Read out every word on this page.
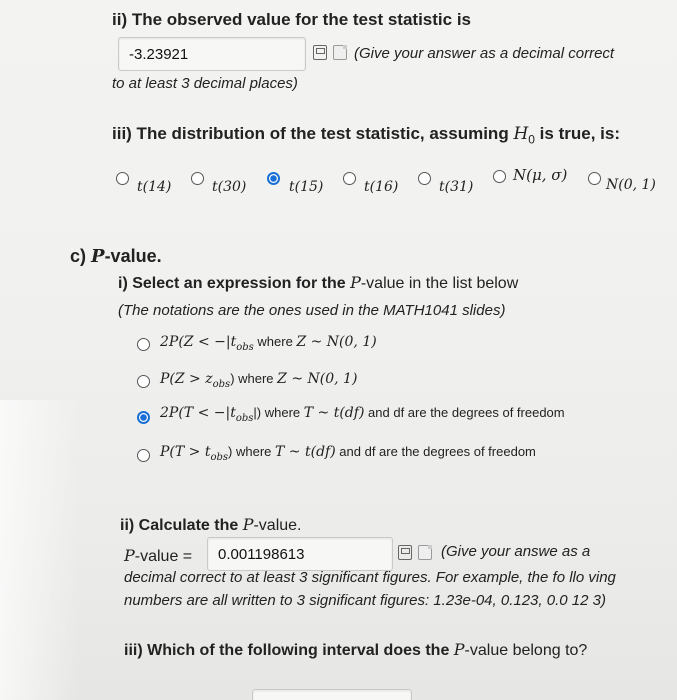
ii) The observed value for the test statistic is
-3.23921	(Give your answer as a decimal correct
to at least 3 decimal places)
iii) The distribution of the test statistic, assuming $H_0$ is true, is:
t(14)	t(30)	t(15)	t(16)	t(31)
N(μ, σ)
N(0, 1)
c) P-value.
i) Select an expression for the P-value in the list below
(The notations are the ones used in the MATH1041 slides)
$2P(Z < -|t_{obs}$ where Z ~ N(0, 1)
$P(Z > z_{obs})$ where Z ~ N(0, 1)
$2P(T < -|t_{obs}|)$ where T ~ t(df) and df are the degrees of freedom
$P(T > t_{obs})$ where T ~ t(df) and df are the degrees of freedom
ii) Calculate the P-value.
P-value = 0.001198613	(Give your answe as a
decimal correct to at least 3 significant figures. For example, the fo llo ving
numbers are all written to 3 significant figures: 1.23e-04, 0.123, 0.0 12 3)
iii) Which of the following interval does the P-value belong to?
